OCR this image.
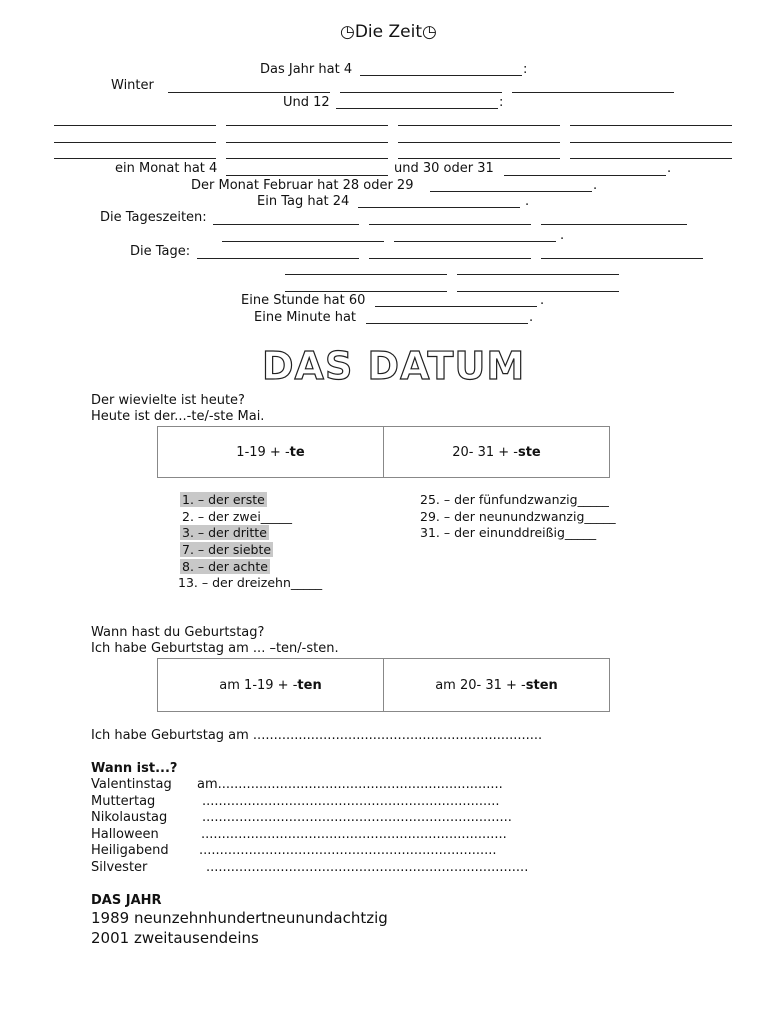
◷Die Zeit◷
Das Jahr hat 4	:
Winter
Und 12	:
ein Monat hat 4	und 30 oder 31	.
Der Monat Februar hat 28 oder 29	.
Ein Tag hat 24	.
Die Tageszeiten:
.
Die Tage:
Eine Stunde hat 60	.
Eine Minute hat	.
DAS DATUM
Der wievielte ist heute?
Heute ist der...-te/-ste Mai.
1-19 + - te	20- 31 + - ste
1. – der erste
2. – der zwei_____
3. – der dritte
7. – der siebte
8. – der achte
13. – der dreizehn_____
25. – der fünfundzwanzig_____
29. – der neunundzwanzig_____
31. – der einunddreißig_____
Wann hast du Geburtstag?
Ich habe Geburtstag am ... –ten/-sten.
am 1-19 + - ten	am 20- 31 + - sten
Ich habe Geburtstag am ......................................................................
Wann ist...?
Valentinstag am.....................................................................
Muttertag	........................................................................
Nikolaustag	...........................................................................
Halloween	..........................................................................
Heiligabend ........................................................................
Silvester	..............................................................................
DAS JAHR
1989 neunzehnhundertneunundachtzig
2001 zweitausendeins
